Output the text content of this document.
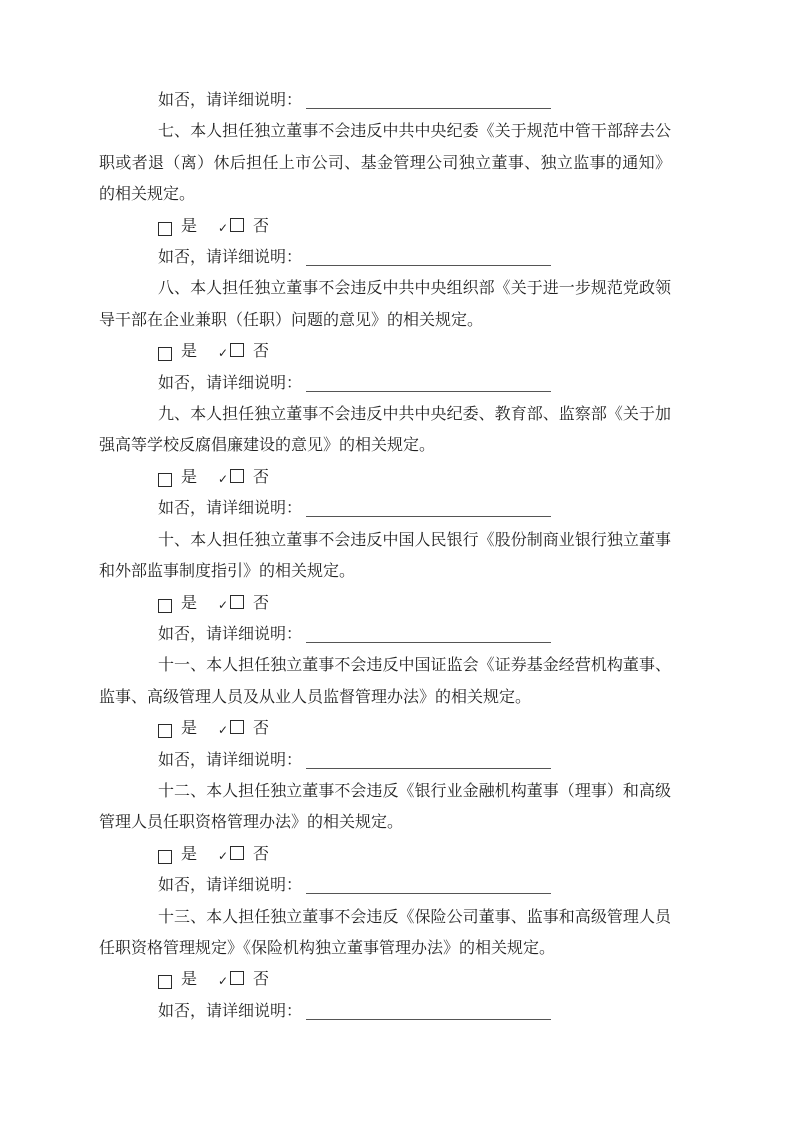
如否，请详细说明：

七、本人担任独立董事不会违反中共中央纪委《关于规范中管干部辞去公职或者退（离）休后担任上市公司、基金管理公司独立董事、独立监事的通知》的相关规定。

✓是	否

如否，请详细说明：

八、本人担任独立董事不会违反中共中央组织部《关于进一步规范党政领导干部在企业兼职（任职）问题的意见》的相关规定。

✓是	否

如否，请详细说明：

九、本人担任独立董事不会违反中共中央纪委、教育部、监察部《关于加强高等学校反腐倡廉建设的意见》的相关规定。

✓是	否

如否，请详细说明：

十、本人担任独立董事不会违反中国人民银行《股份制商业银行独立董事和外部监事制度指引》的相关规定。

✓是	否

如否，请详细说明：

十一、本人担任独立董事不会违反中国证监会《证券基金经营机构董事、监事、高级管理人员及从业人员监督管理办法》的相关规定。

✓是	否

如否，请详细说明：

十二、本人担任独立董事不会违反《银行业金融机构董事（理事）和高级管理人员任职资格管理办法》的相关规定。

✓是	否

如否，请详细说明：

十三、本人担任独立董事不会违反《保险公司董事、监事和高级管理人员任职资格管理规定》《保险机构独立董事管理办法》的相关规定。

✓是	否

如否，请详细说明：
